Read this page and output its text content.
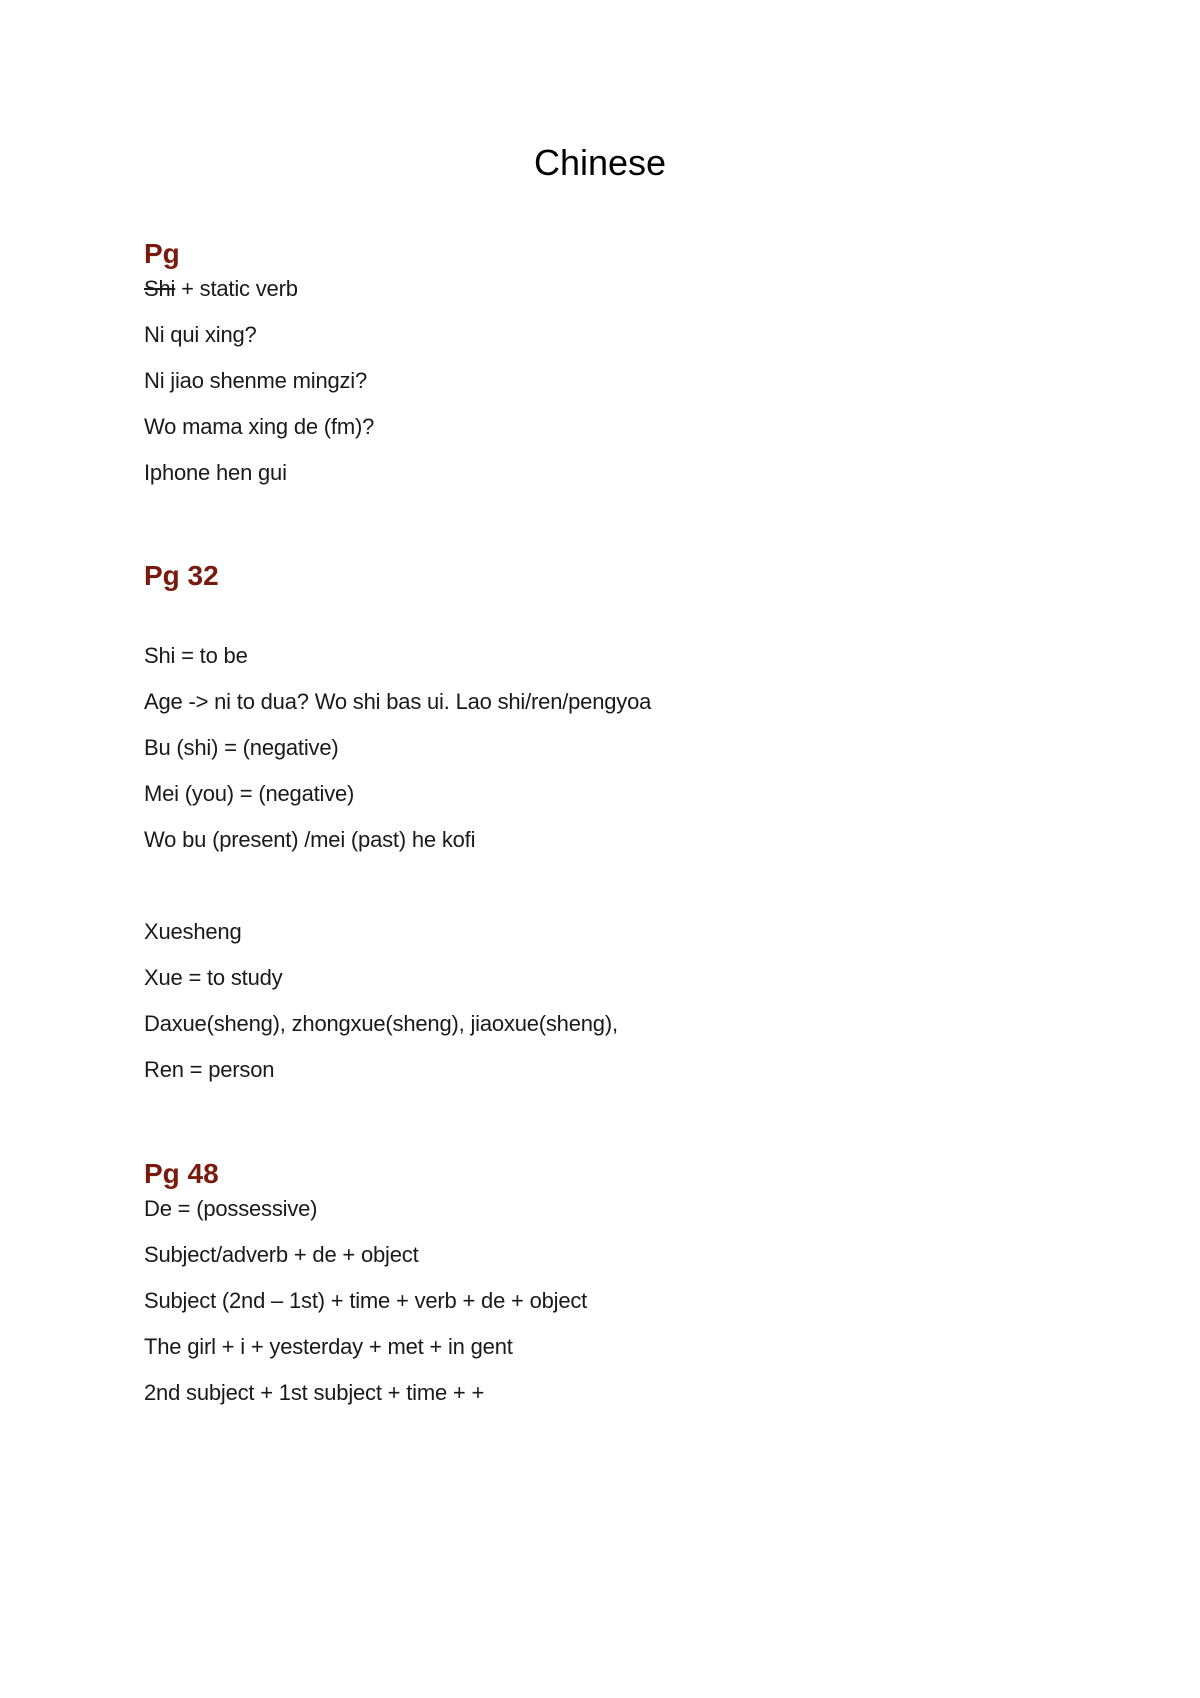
Chinese
Pg
Shi + static verb
Ni qui xing?
Ni jiao shenme mingzi?
Wo mama xing de (fm)?
Iphone hen gui
Pg 32
Shi = to be
Age -> ni to dua? Wo shi bas ui. Lao shi/ren/pengyoa
Bu (shi) = (negative)
Mei (you) = (negative)
Wo bu (present) /mei (past) he kofi
Xuesheng
Xue = to study
Daxue(sheng), zhongxue(sheng), jiaoxue(sheng),
Ren = person
Pg 48
De = (possessive)
Subject/adverb + de + object
Subject (2nd – 1st) + time + verb + de + object
The girl + i + yesterday + met + in gent
2nd subject + 1st subject + time + +
